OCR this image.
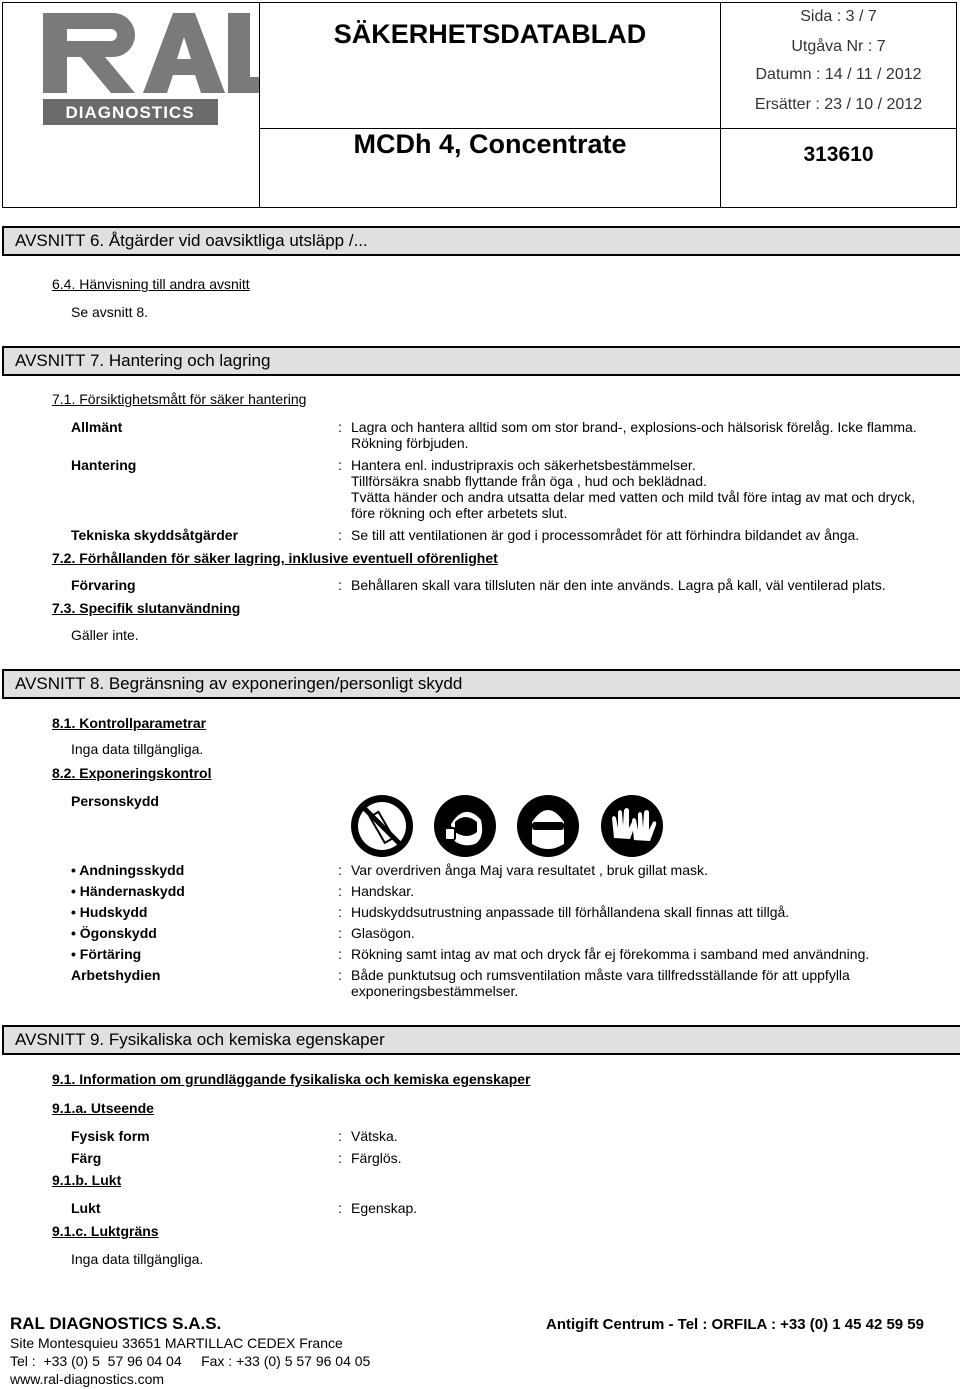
DIAGNOSTICS
SÄKERHETSDATABLAD
Sida : 3 / 7
Utgåva Nr : 7
Datumn : 14 / 11 / 2012
Ersätter : 23 / 10 / 2012
MCDh 4, Concentrate	313610
AVSNITT 6. Åtgärder vid oavsiktliga utsläpp /...
6.4. Hänvisning till andra avsnitt
Se avsnitt 8.
AVSNITT 7. Hantering och lagring
7.1. Försiktighetsmått för säker hantering
Allmänt	: Lagra och hantera alltid som om stor brand-, explosions-och hälsorisk förelåg. Icke flamma.
Rökning förbjuden.
Hantering	: Hantera enl. industripraxis och säkerhetsbestämmelser.
Tillförsäkra snabb flyttande från öga , hud och beklädnad.
Tvätta händer och andra utsatta delar med vatten och mild tvål före intag av mat och dryck,
före rökning och efter arbetets slut.
Tekniska skyddsåtgärder	: Se till att ventilationen är god i processområdet för att förhindra bildandet av ånga.
7.2. Förhållanden för säker lagring, inklusive eventuell oförenlighet
Förvaring	: Behållaren skall vara tillsluten när den inte används. Lagra på kall, väl ventilerad plats.
7.3. Specifik slutanvändning
Gäller inte.
AVSNITT 8. Begränsning av exponeringen/personligt skydd
8.1. Kontrollparametrar
Inga data tillgängliga.
8.2. Exponeringskontrol
Personskydd
• Andningsskydd	: Var overdriven ånga Maj vara resultatet , bruk gillat mask.
• Händernaskydd	: Handskar.
• Hudskydd	: Hudskyddsutrustning anpassade till förhållandena skall finnas att tillgå.
• Ögonskydd	: Glasögon.
• Förtäring	: Rökning samt intag av mat och dryck får ej förekomma i samband med användning.
Arbetshydien	: Både punktutsug och rumsventilation måste vara tillfredsställande för att uppfylla
exponeringsbestämmelser.
AVSNITT 9. Fysikaliska och kemiska egenskaper
9.1. Information om grundläggande fysikaliska och kemiska egenskaper
9.1.a. Utseende
Fysisk form	: Vätska.
Färg	: Färglös.
9.1.b. Lukt
Lukt	: Egenskap.
9.1.c. Luktgräns
Inga data tillgängliga.
RAL DIAGNOSTICS S.A.S.	Antigift Centrum - Tel : ORFILA : +33 (0) 1 45 42 59 59
Site Montesquieu 33651 MARTILLAC CEDEX France
Tel :  +33 (0) 5  57 96 04 04     Fax : +33 (0) 5 57 96 04 05
www.ral-diagnostics.com
